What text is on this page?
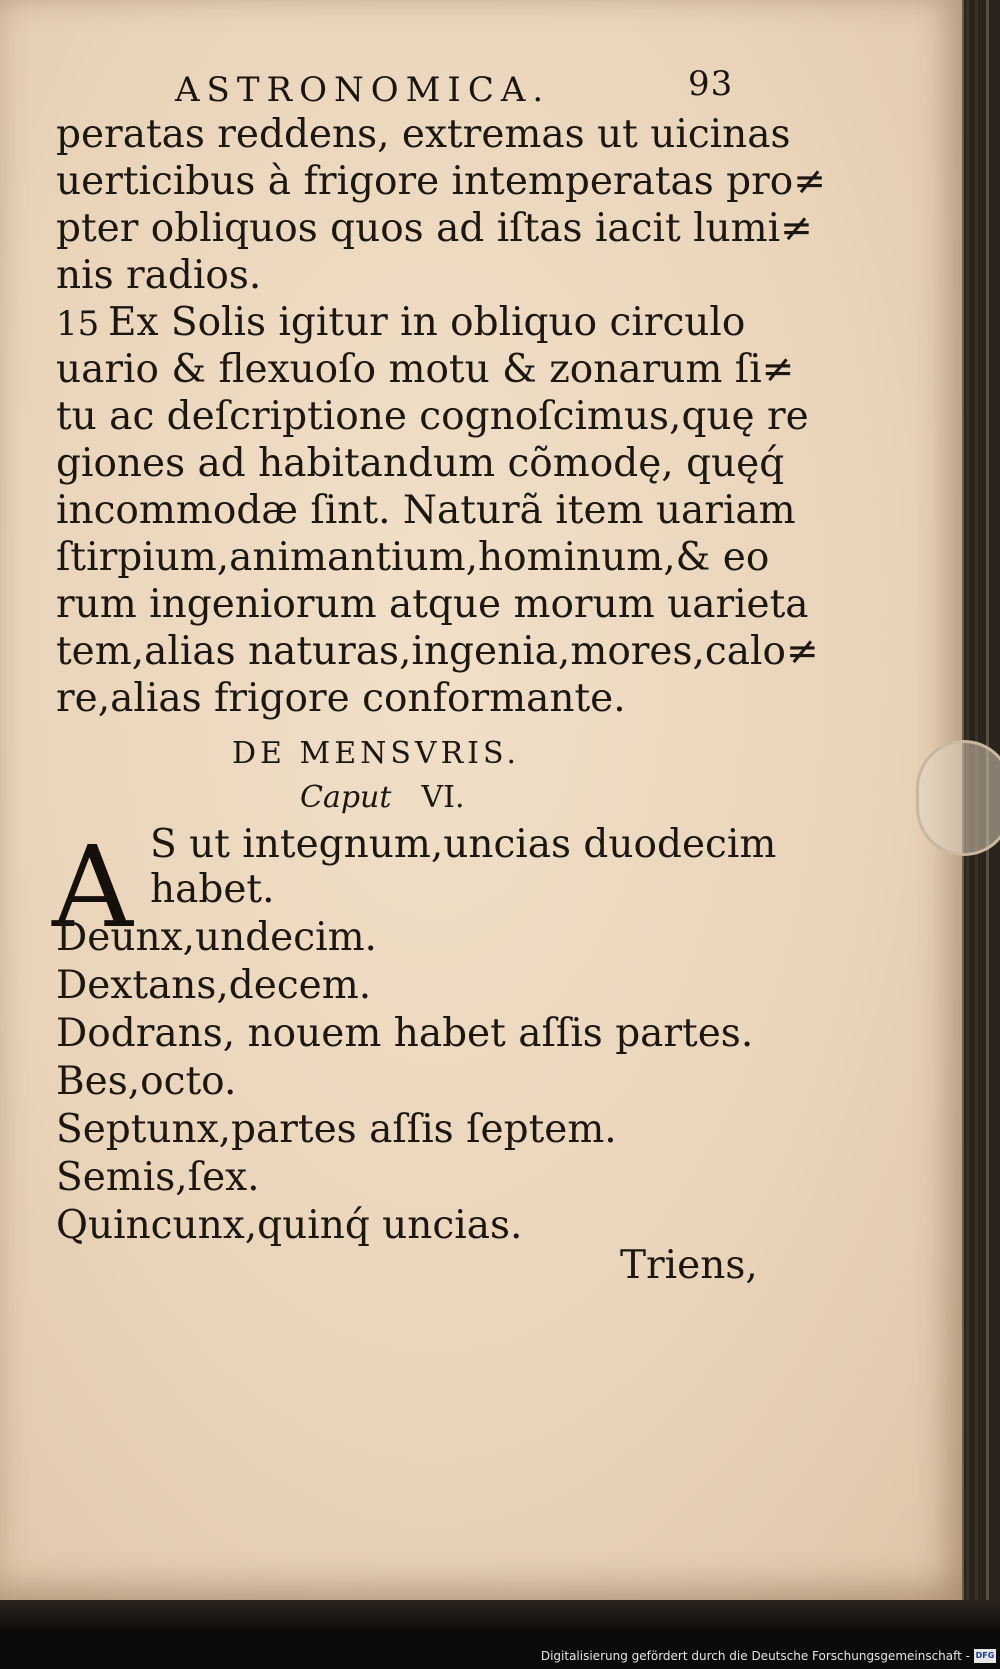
ASTRONOMICA.	93
peratas reddens, extremas ut uicinas
uerticibus à frigore intemperatas pro≠
pter obliquos quos ad iſtas iacit lumi≠
nis radios.
15 Ex Solis igitur in obliquo circulo
uario & flexuoſo motu & zonarum ſi≠
tu ac deſcriptione cognoſcimus,quę re
giones ad habitandum cõmodę, quęq́
incommodæ ſint. Naturã item uariam
ſtirpium,animantium,hominum,& eo
rum ingeniorum atque morum uarieta
tem,alias naturas,ingenia,mores,calo≠
re,alias frigore conformante.
DE MENSVRIS.
Caput VI.
A S ut integnum,uncias duodecim
habet.
Deunx,undecim.
Dextans,decem.
Dodrans, nouem habet aſſis partes.
Bes,octo.
Septunx,partes aſſis ſeptem.
Semis,ſex.
Quincunx,quinq́ uncias.
Triens,
Digitalisierung gefördert durch die Deutsche Forschungsgemeinschaft - DFG
